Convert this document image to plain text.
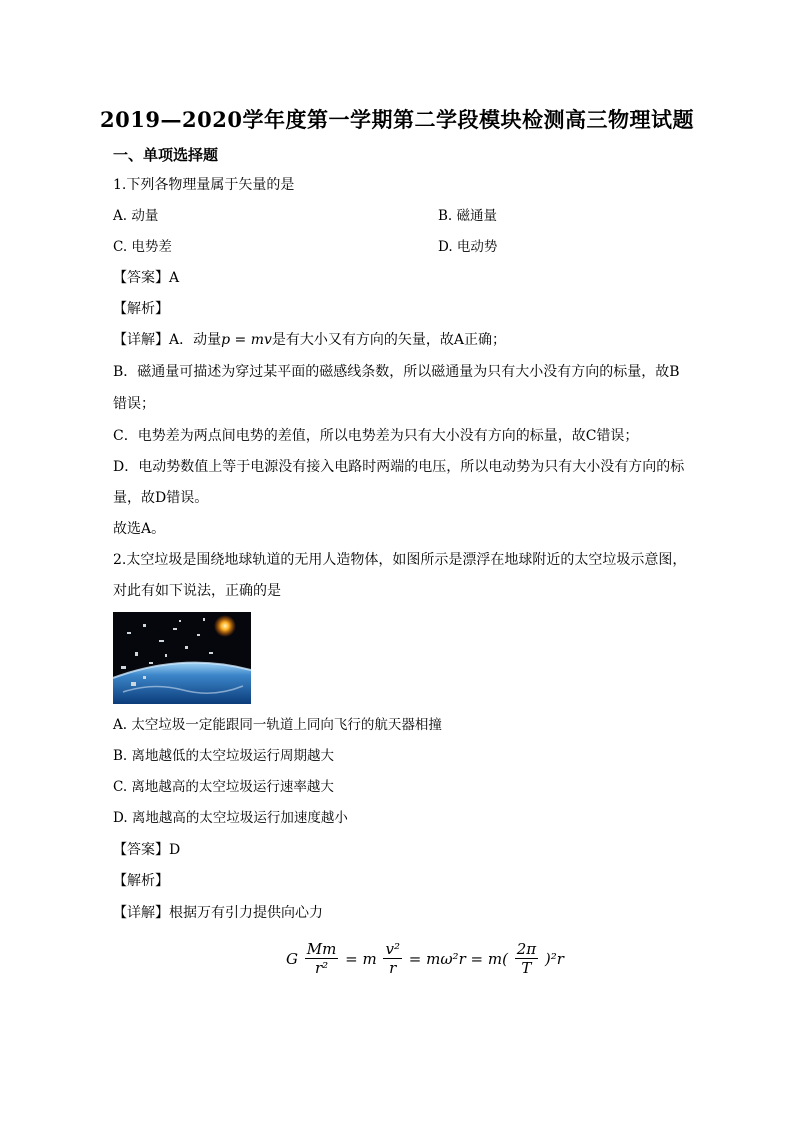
2019—2020学年度第一学期第二学段模块检测高三物理试题
一、单项选择题
1.下列各物理量属于矢量的是
A. 动量	B. 磁通量
C. 电势差	D. 电动势
【答案】A
【解析】
【详解】A．动量p = mv是有大小又有方向的矢量，故A正确；
B．磁通量可描述为穿过某平面的磁感线条数，所以磁通量为只有大小没有方向的标量，故B
错误；
C．电势差为两点间电势的差值，所以电势差为只有大小没有方向的标量，故C错误；
D．电动势数值上等于电源没有接入电路时两端的电压，所以电动势为只有大小没有方向的标
量，故D错误。
故选A。
2.太空垃圾是围绕地球轨道的无用人造物体，如图所示是漂浮在地球附近的太空垃圾示意图，
对此有如下说法，正确的是
A. 太空垃圾一定能跟同一轨道上同向飞行的航天器相撞
B. 离地越低的太空垃圾运行周期越大
C. 离地越高的太空垃圾运行速率越大
D. 离地越高的太空垃圾运行加速度越小
【答案】D
【解析】
【详解】根据万有引力提供向心力
G $\frac{Mm}{\text{r²}} = m \frac{\text{v²}}{r} = m\omega^2r = m( \frac{2\pi}{T} )^2r$
